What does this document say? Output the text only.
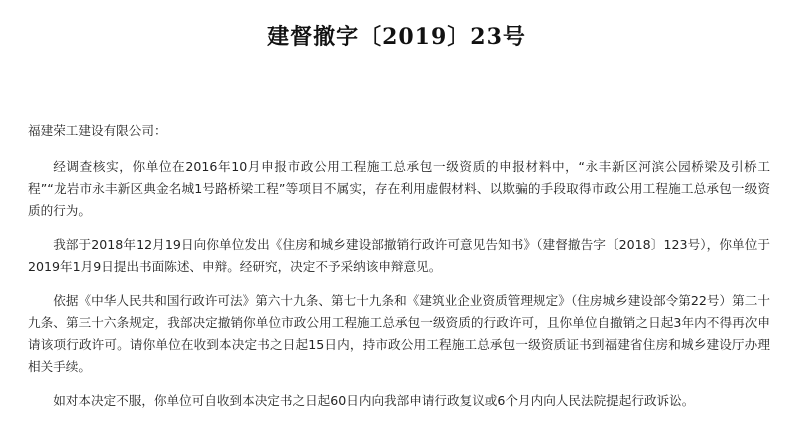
建督撤字〔2019〕23号

福建荣工建设有限公司：

经调查核实，你单位在2016年10月申报市政公用工程施工总承包一级资质的申报材料中，“永丰新区河滨公园桥梁及引桥工程”“龙岩市永丰新区典金名城1号路桥梁工程”等项目不属实，存在利用虚假材料、以欺骗的手段取得市政公用工程施工总承包一级资质的行为。

我部于2018年12月19日向你单位发出《住房和城乡建设部撤销行政许可意见告知书》（建督撤告字〔2018〕123号），你单位于2019年1月9日提出书面陈述、申辩。经研究，决定不予采纳该申辩意见。

依据《中华人民共和国行政许可法》第六十九条、第七十九条和《建筑业企业资质管理规定》（住房城乡建设部令第22号）第二十九条、第三十六条规定，我部决定撤销你单位市政公用工程施工总承包一级资质的行政许可，且你单位自撤销之日起3年内不得再次申请该项行政许可。请你单位在收到本决定书之日起15日内，持市政公用工程施工总承包一级资质证书到福建省住房和城乡建设厅办理相关手续。

如对本决定不服，你单位可自收到本决定书之日起60日内向我部申请行政复议或6个月内向人民法院提起行政诉讼。
